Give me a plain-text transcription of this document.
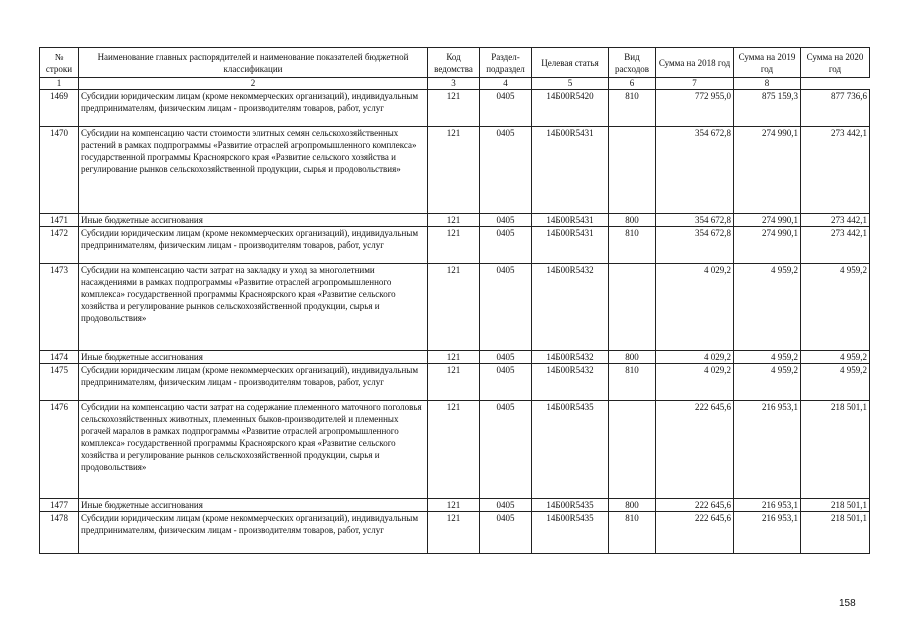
№ строки	Наименование главных распорядителей и наименование показателей бюджетной классификации	Код ведомства	Раздел-подраздел	Целевая статья	Вид расходов	Сумма на 2018 год	Сумма на 2019 год	Сумма на 2020 год
1	2	3	4	5	6	7	8	
1469	Субсидии юридическим лицам (кроме некоммерческих организаций), индивидуальным предпринимателям, физическим лицам - производителям товаров, работ, услуг	121	0405	14Б00R5420	810	772 955,0	875 159,3	877 736,6
1470	Субсидии на компенсацию части стоимости элитных семян сельскохозяйственных растений в рамках подпрограммы «Развитие отраслей агропромышленного комплекса» государственной программы Красноярского края «Развитие сельского хозяйства и регулирование рынков сельскохозяйственной продукции, сырья и продовольствия»	121	0405	14Б00R5431		354 672,8	274 990,1	273 442,1
1471	Иные бюджетные ассигнования	121	0405	14Б00R5431	800	354 672,8	274 990,1	273 442,1
1472	Субсидии юридическим лицам (кроме некоммерческих организаций), индивидуальным предпринимателям, физическим лицам - производителям товаров, работ, услуг	121	0405	14Б00R5431	810	354 672,8	274 990,1	273 442,1
1473	Субсидии на компенсацию части затрат на закладку и уход за многолетними насаждениями в рамках подпрограммы «Развитие отраслей агропромышленного комплекса» государственной программы Красноярского края «Развитие сельского хозяйства и регулирование рынков сельскохозяйственной продукции, сырья и продовольствия»	121	0405	14Б00R5432		4 029,2	4 959,2	4 959,2
1474	Иные бюджетные ассигнования	121	0405	14Б00R5432	800	4 029,2	4 959,2	4 959,2
1475	Субсидии юридическим лицам (кроме некоммерческих организаций), индивидуальным предпринимателям, физическим лицам - производителям товаров, работ, услуг	121	0405	14Б00R5432	810	4 029,2	4 959,2	4 959,2
1476	Субсидии на компенсацию части затрат на содержание племенного маточного поголовья сельскохозяйственных животных, племенных быков-производителей и племенных рогачей маралов в рамках подпрограммы «Развитие отраслей агропромышленного комплекса» государственной программы Красноярского края «Развитие сельского хозяйства и регулирование рынков сельскохозяйственной продукции, сырья и продовольствия»	121	0405	14Б00R5435		222 645,6	216 953,1	218 501,1
1477	Иные бюджетные ассигнования	121	0405	14Б00R5435	800	222 645,6	216 953,1	218 501,1
1478	Субсидии юридическим лицам (кроме некоммерческих организаций), индивидуальным предпринимателям, физическим лицам - производителям товаров, работ, услуг	121	0405	14Б00R5435	810	222 645,6	216 953,1	218 501,1
158
